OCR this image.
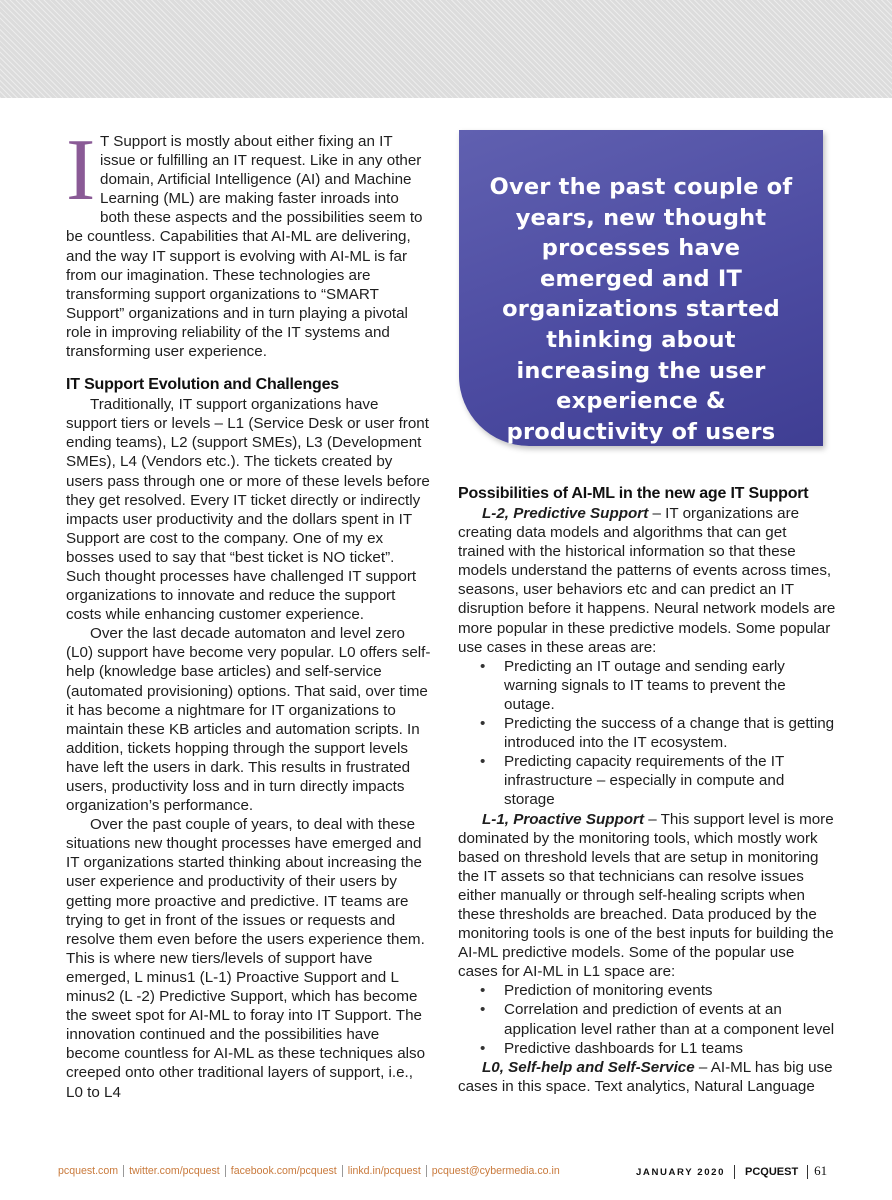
I T Support is mostly about either fixing an IT issue or fulfilling an IT request. Like in any other domain, Artificial Intelligence (AI) and Machine Learning (ML) are making faster inroads into both these aspects and the possibilities seem to be countless. Capabilities that AI-ML are delivering, and the way IT support is evolving with AI-ML is far from our imagination. These technologies are transforming support organizations to “SMART Support” organizations and in turn playing a pivotal role in improving reliability of the IT systems and transforming user experience.

IT Support Evolution and Challenges

Traditionally, IT support organizations have support tiers or levels – L1 (Service Desk or user front ending teams), L2 (support SMEs), L3 (Development SMEs), L4 (Vendors etc.). The tickets created by users pass through one or more of these levels before they get resolved. Every IT ticket directly or indirectly impacts user productivity and the dollars spent in IT Support are cost to the company. One of my ex bosses used to say that “best ticket is NO ticket”. Such thought processes have challenged IT support organizations to innovate and reduce the support costs while enhancing customer experience.

Over the last decade automaton and level zero (L0) support have become very popular. L0 offers self-help (knowledge base articles) and self-service (automated provisioning) options. That said, over time it has become a nightmare for IT organizations to maintain these KB articles and automation scripts. In addition, tickets hopping through the support levels have left the users in dark. This results in frustrated users, productivity loss and in turn directly impacts organization’s performance.

Over the past couple of years, to deal with these situations new thought processes have emerged and IT organizations started thinking about increasing the user experience and productivity of their users by getting more proactive and predictive. IT teams are trying to get in front of the issues or requests and resolve them even before the users experience them. This is where new tiers/levels of support have emerged, L minus1 (L-1) Proactive Support and L minus2 (L -2) Predictive Support, which has become the sweet spot for AI-ML to foray into IT Support. The innovation continued and the possibilities have become countless for AI-ML as these techniques also creeped onto other traditional layers of support, i.e., L0 to L4

Over the past couple of years, new thought processes have emerged and IT organizations started thinking about increasing the user experience & productivity of users
Possibilities of AI-ML in the new age IT Support

L-2, Predictive Support – IT organizations are creating data models and algorithms that can get trained with the historical information so that these models understand the patterns of events across times, seasons, user behaviors etc and can predict an IT disruption before it happens. Neural network models are more popular in these predictive models. Some popular use cases in these areas are:

• Predicting an IT outage and sending early warning signals to IT teams to prevent the outage.
• Predicting the success of a change that is getting introduced into the IT ecosystem.
• Predicting capacity requirements of the IT infrastructure – especially in compute and storage

L-1, Proactive Support – This support level is more dominated by the monitoring tools, which mostly work based on threshold levels that are setup in monitoring the IT assets so that technicians can resolve issues either manually or through self-healing scripts when these thresholds are breached. Data produced by the monitoring tools is one of the best inputs for building the AI-ML predictive models. Some of the popular use cases for AI-ML in L1 space are:

• Prediction of monitoring events
• Correlation and prediction of events at an application level rather than at a component level
• Predictive dashboards for L1 teams

L0, Self-help and Self-Service – AI-ML has big use cases in this space. Text analytics, Natural Language

pcquest.com twitter.com/pcquest facebook.com/pcquest linkd.in/pcquest pcquest@cybermedia.co.in	JANUARY 2020 PCQUEST 61
